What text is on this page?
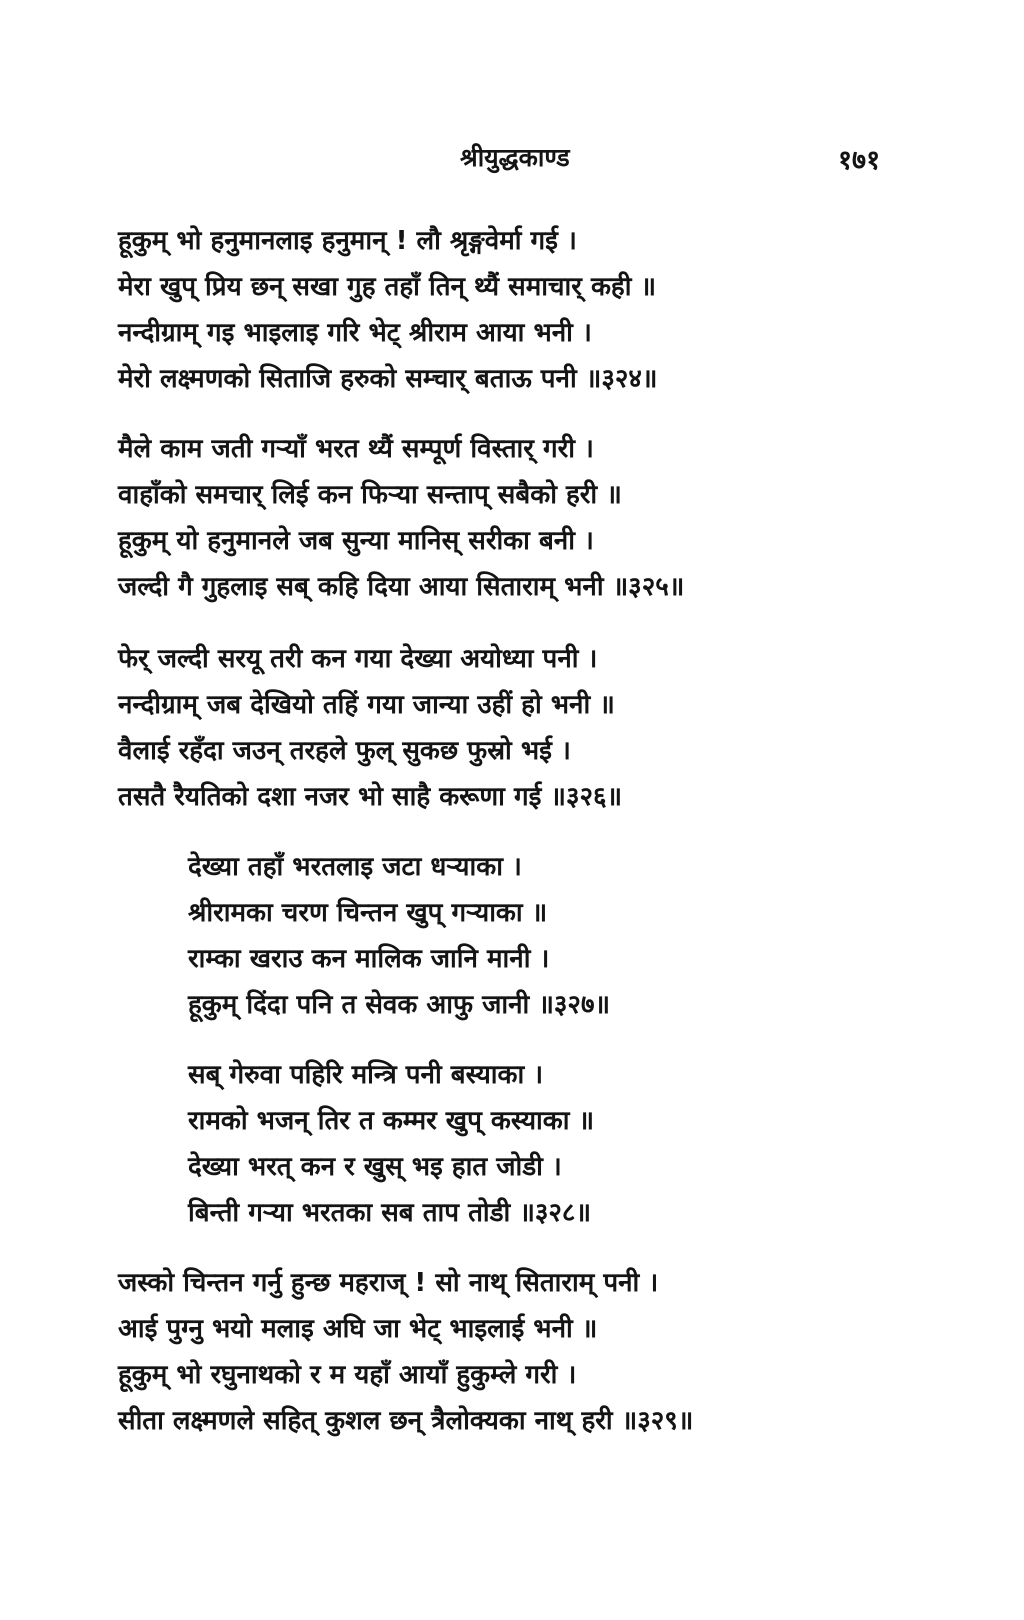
श्रीयुद्धकाण्ड	१७१
हूकुम् भो हनुमानलाइ हनुमान् ! लौ श्रृङ्गवेर्मा गई ।
मेरा खुप् प्रिय छन् सखा गुह तहाँ तिन् थ्यैं समाचार् कही ॥
नन्दीग्राम् गइ भाइलाइ गरि भेट् श्रीराम आया भनी ।
मेरो लक्ष्मणको सिताजि हरुको सम्चार् बताऊ पनी ॥३२४॥
मैले काम जती गर्‍याँ भरत थ्यैं सम्पूर्ण विस्तार् गरी ।
वाहाँको समचार् लिई कन फिर्‍या सन्ताप् सबैको हरी ॥
हूकुम् यो हनुमानले जब सुन्या मानिस् सरीका बनी ।
जल्दी गै गुहलाइ सब् कहि दिया आया सिताराम् भनी ॥३२५॥
फेर् जल्दी सरयू तरी कन गया देख्या अयोध्या पनी ।
नन्दीग्राम् जब देखियो तहिं गया जान्या उहीं हो भनी ॥
वैलाई रहँदा जउन् तरहले फुल् सुकछ फुस्रो भई ।
तसतै रैयतिको दशा नजर भो साहै करूणा गई ॥३२६॥
देख्या तहाँ भरतलाइ जटा धर्‍याका ।
श्रीरामका चरण चिन्तन खुप् गर्‍याका ॥
राम्का खराउ कन मालिक जानि मानी ।
हूकुम् दिंदा पनि त सेवक आफु जानी ॥३२७॥
सब् गेरुवा पहिरि मन्त्रि पनी बस्याका ।
रामको भजन् तिर त कम्मर खुप् कस्याका ॥
देख्या भरत् कन र खुस् भइ हात जोडी ।
बिन्ती गर्‍या भरतका सब ताप तोडी ॥३२८॥
जस्को चिन्तन गर्नु हुन्छ महराज् ! सो नाथ् सिताराम् पनी ।
आई पुग्नु भयो मलाइ अघि जा भेट् भाइलाई भनी ॥
हूकुम् भो रघुनाथको र म यहाँ आयाँ हुकुम्ले गरी ।
सीता लक्ष्मणले सहित् कुशल छन् त्रैलोक्यका नाथ् हरी ॥३२९॥
